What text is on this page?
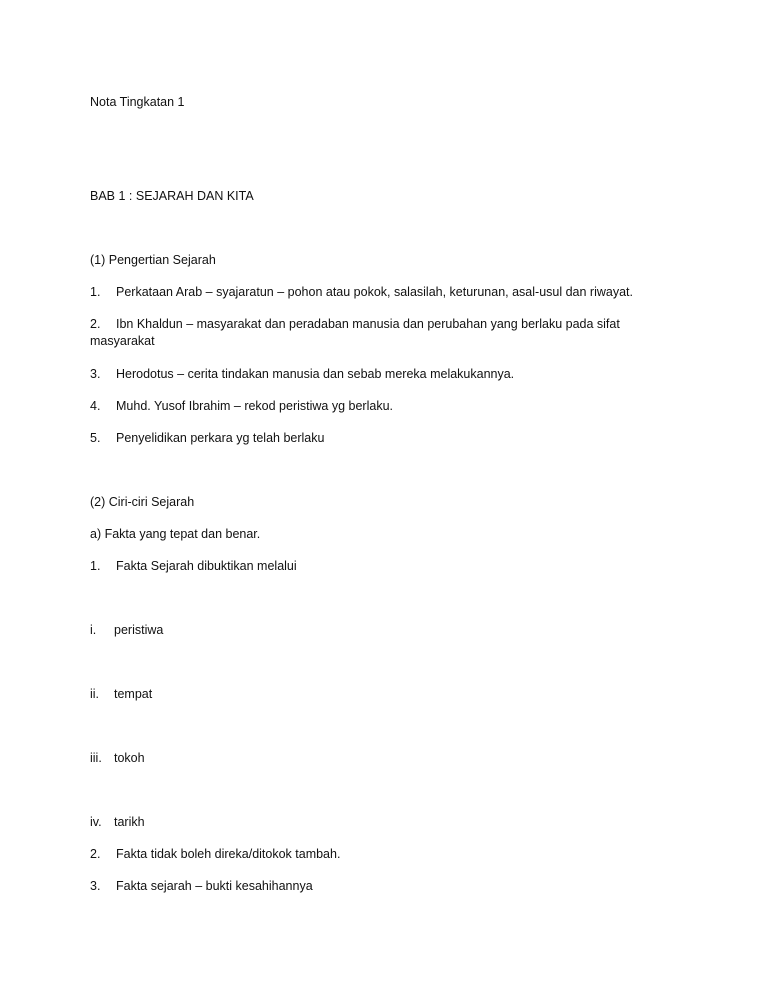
Nota Tingkatan 1
BAB 1 : SEJARAH DAN KITA
(1) Pengertian Sejarah
1. Perkataan Arab – syajaratun – pohon atau pokok, salasilah, keturunan, asal-usul dan riwayat.
2. Ibn Khaldun – masyarakat dan peradaban manusia dan perubahan yang berlaku pada sifat
masyarakat
3. Herodotus – cerita tindakan manusia dan sebab mereka melakukannya.
4. Muhd. Yusof Ibrahim – rekod peristiwa yg berlaku.
5. Penyelidikan perkara yg telah berlaku
(2) Ciri-ciri Sejarah
a) Fakta yang tepat dan benar.
1. Fakta Sejarah dibuktikan melalui
i. peristiwa
ii. tempat
iii. tokoh
iv. tarikh
2. Fakta tidak boleh direka/ditokok tambah.
3. Fakta sejarah – bukti kesahihannya
